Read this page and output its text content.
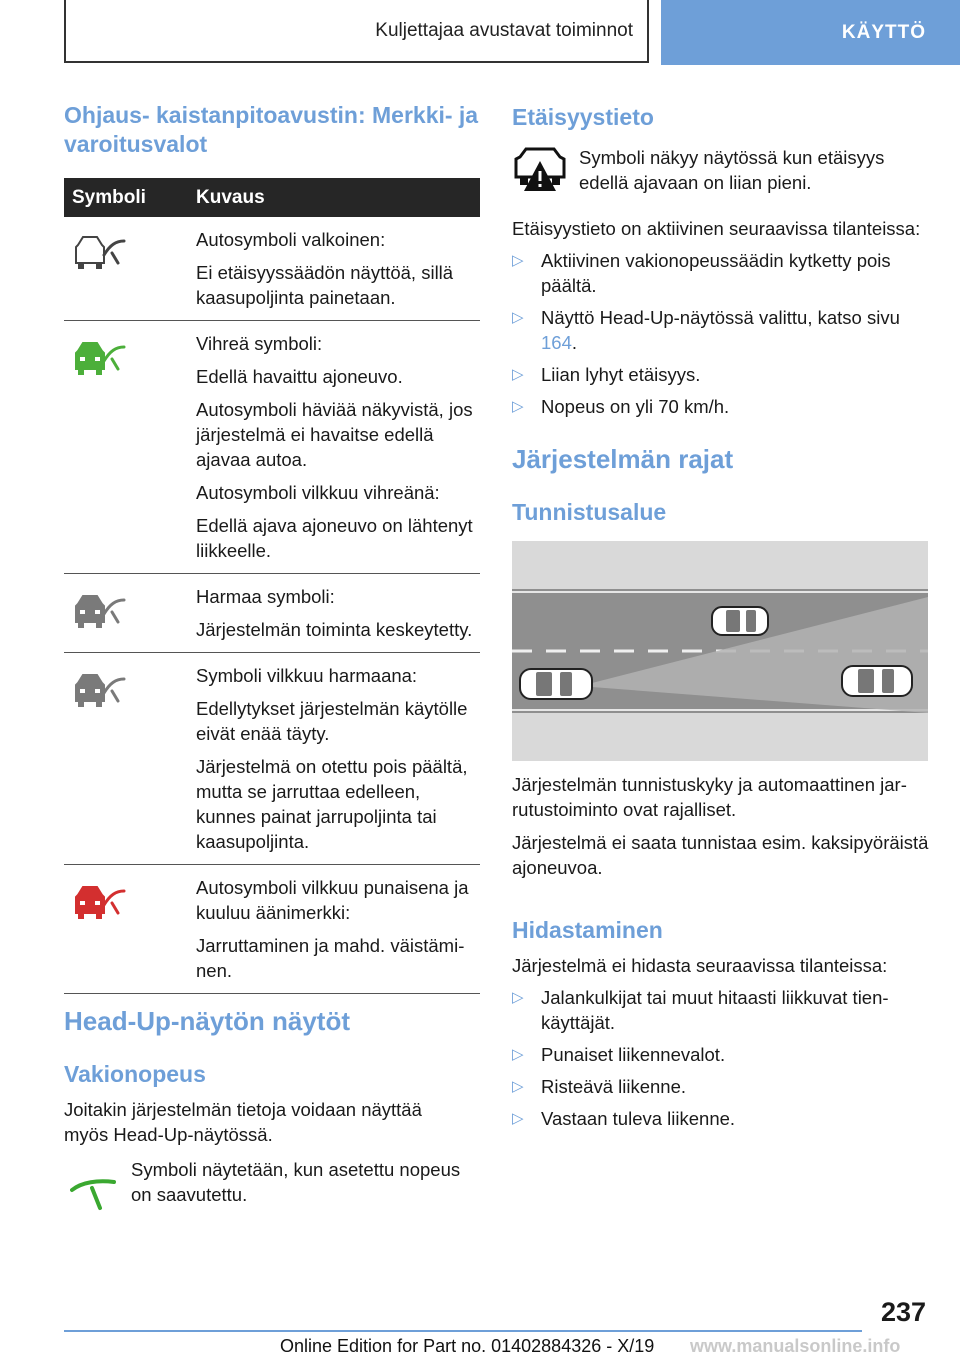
Kuljettajaa avustavat toiminnot	KÄYTTÖ
Ohjaus- kaistanpitoavustin: Merkki- ja varoitusvalot
Symboli	Kuvaus

Autosymboli valkoinen:

Ei etäisyyssäädön näyttöä, sillä kaasupoljinta painetaan.

Vihreä symboli:

Edellä havaittu ajoneuvo.

Autosymboli häviää näkyvistä, jos järjestelmä ei havaitse edellä ajavaa autoa.

Autosymboli vilkkuu vihreänä:

Edellä ajava ajoneuvo on lähtenyt liikkeelle.

Harmaa symboli:

Järjestelmän toiminta keskeytetty.

Symboli vilkkuu harmaana:

Edellytykset järjestelmän käytölle eivät enää täyty.

Järjestelmä on otettu pois päältä, mutta se jarruttaa edelleen, kunnes painat jarrupoljinta tai kaasupoljinta.

Autosymboli vilkkuu punaisena ja kuuluu äänimerkki:

Jarruttaminen ja mahd. väistäminen.

Head-Up-näytön näytöt
Vakionopeus
Joitakin järjestelmän tietoja voidaan näyttää myös Head-Up-näytössä.
Symboli näytetään, kun asetettu nopeus on saavutettu.
Etäisyystieto
Symboli näkyy näytössä kun etäisyys edellä ajavaan on liian pieni.
Etäisyystieto on aktiivinen seuraavissa tilanteissa:
▷ Aktiivinen vakionopeussäädin kytketty pois päältä.
▷ Näyttö Head-Up-näytössä valittu, katso sivu 164.
▷ Liian lyhyt etäisyys.
▷ Nopeus on yli 70 km/h.
Järjestelmän rajat
Tunnistusalue
Järjestelmän tunnistuskyky ja automaattinen jarrutustoiminto ovat rajalliset.
Järjestelmä ei saata tunnistaa esim. kaksipyöräistä ajoneuvoa.
Hidastaminen
Järjestelmä ei hidasta seuraavissa tilanteissa:
▷ Jalankulkijat tai muut hitaasti liikkuvat tienkäyttäjät.
▷ Punaiset liikennevalot.
▷ Risteävä liikenne.
▷ Vastaan tuleva liikenne.
237
Online Edition for Part no. 01402884326 - X/19 www.manualsonline.info
